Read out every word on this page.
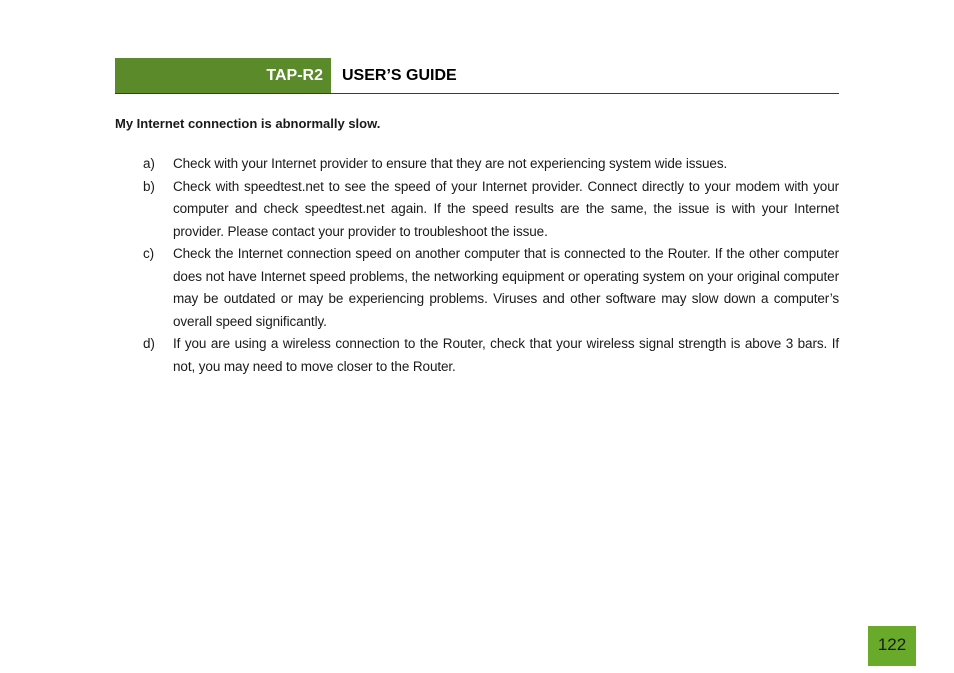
TAP-R2 USER’S GUIDE
My Internet connection is abnormally slow.
a) Check with your Internet provider to ensure that they are not experiencing system wide issues.
b) Check with speedtest.net to see the speed of your Internet provider. Connect directly to your modem with your computer and check speedtest.net again. If the speed results are the same, the issue is with your Internet provider. Please contact your provider to troubleshoot the issue.
c) Check the Internet connection speed on another computer that is connected to the Router. If the other computer does not have Internet speed problems, the networking equipment or operating system on your original computer may be outdated or may be experiencing problems. Viruses and other software may slow down a computer’s overall speed significantly.
d) If you are using a wireless connection to the Router, check that your wireless signal strength is above 3 bars. If not, you may need to move closer to the Router.
122
